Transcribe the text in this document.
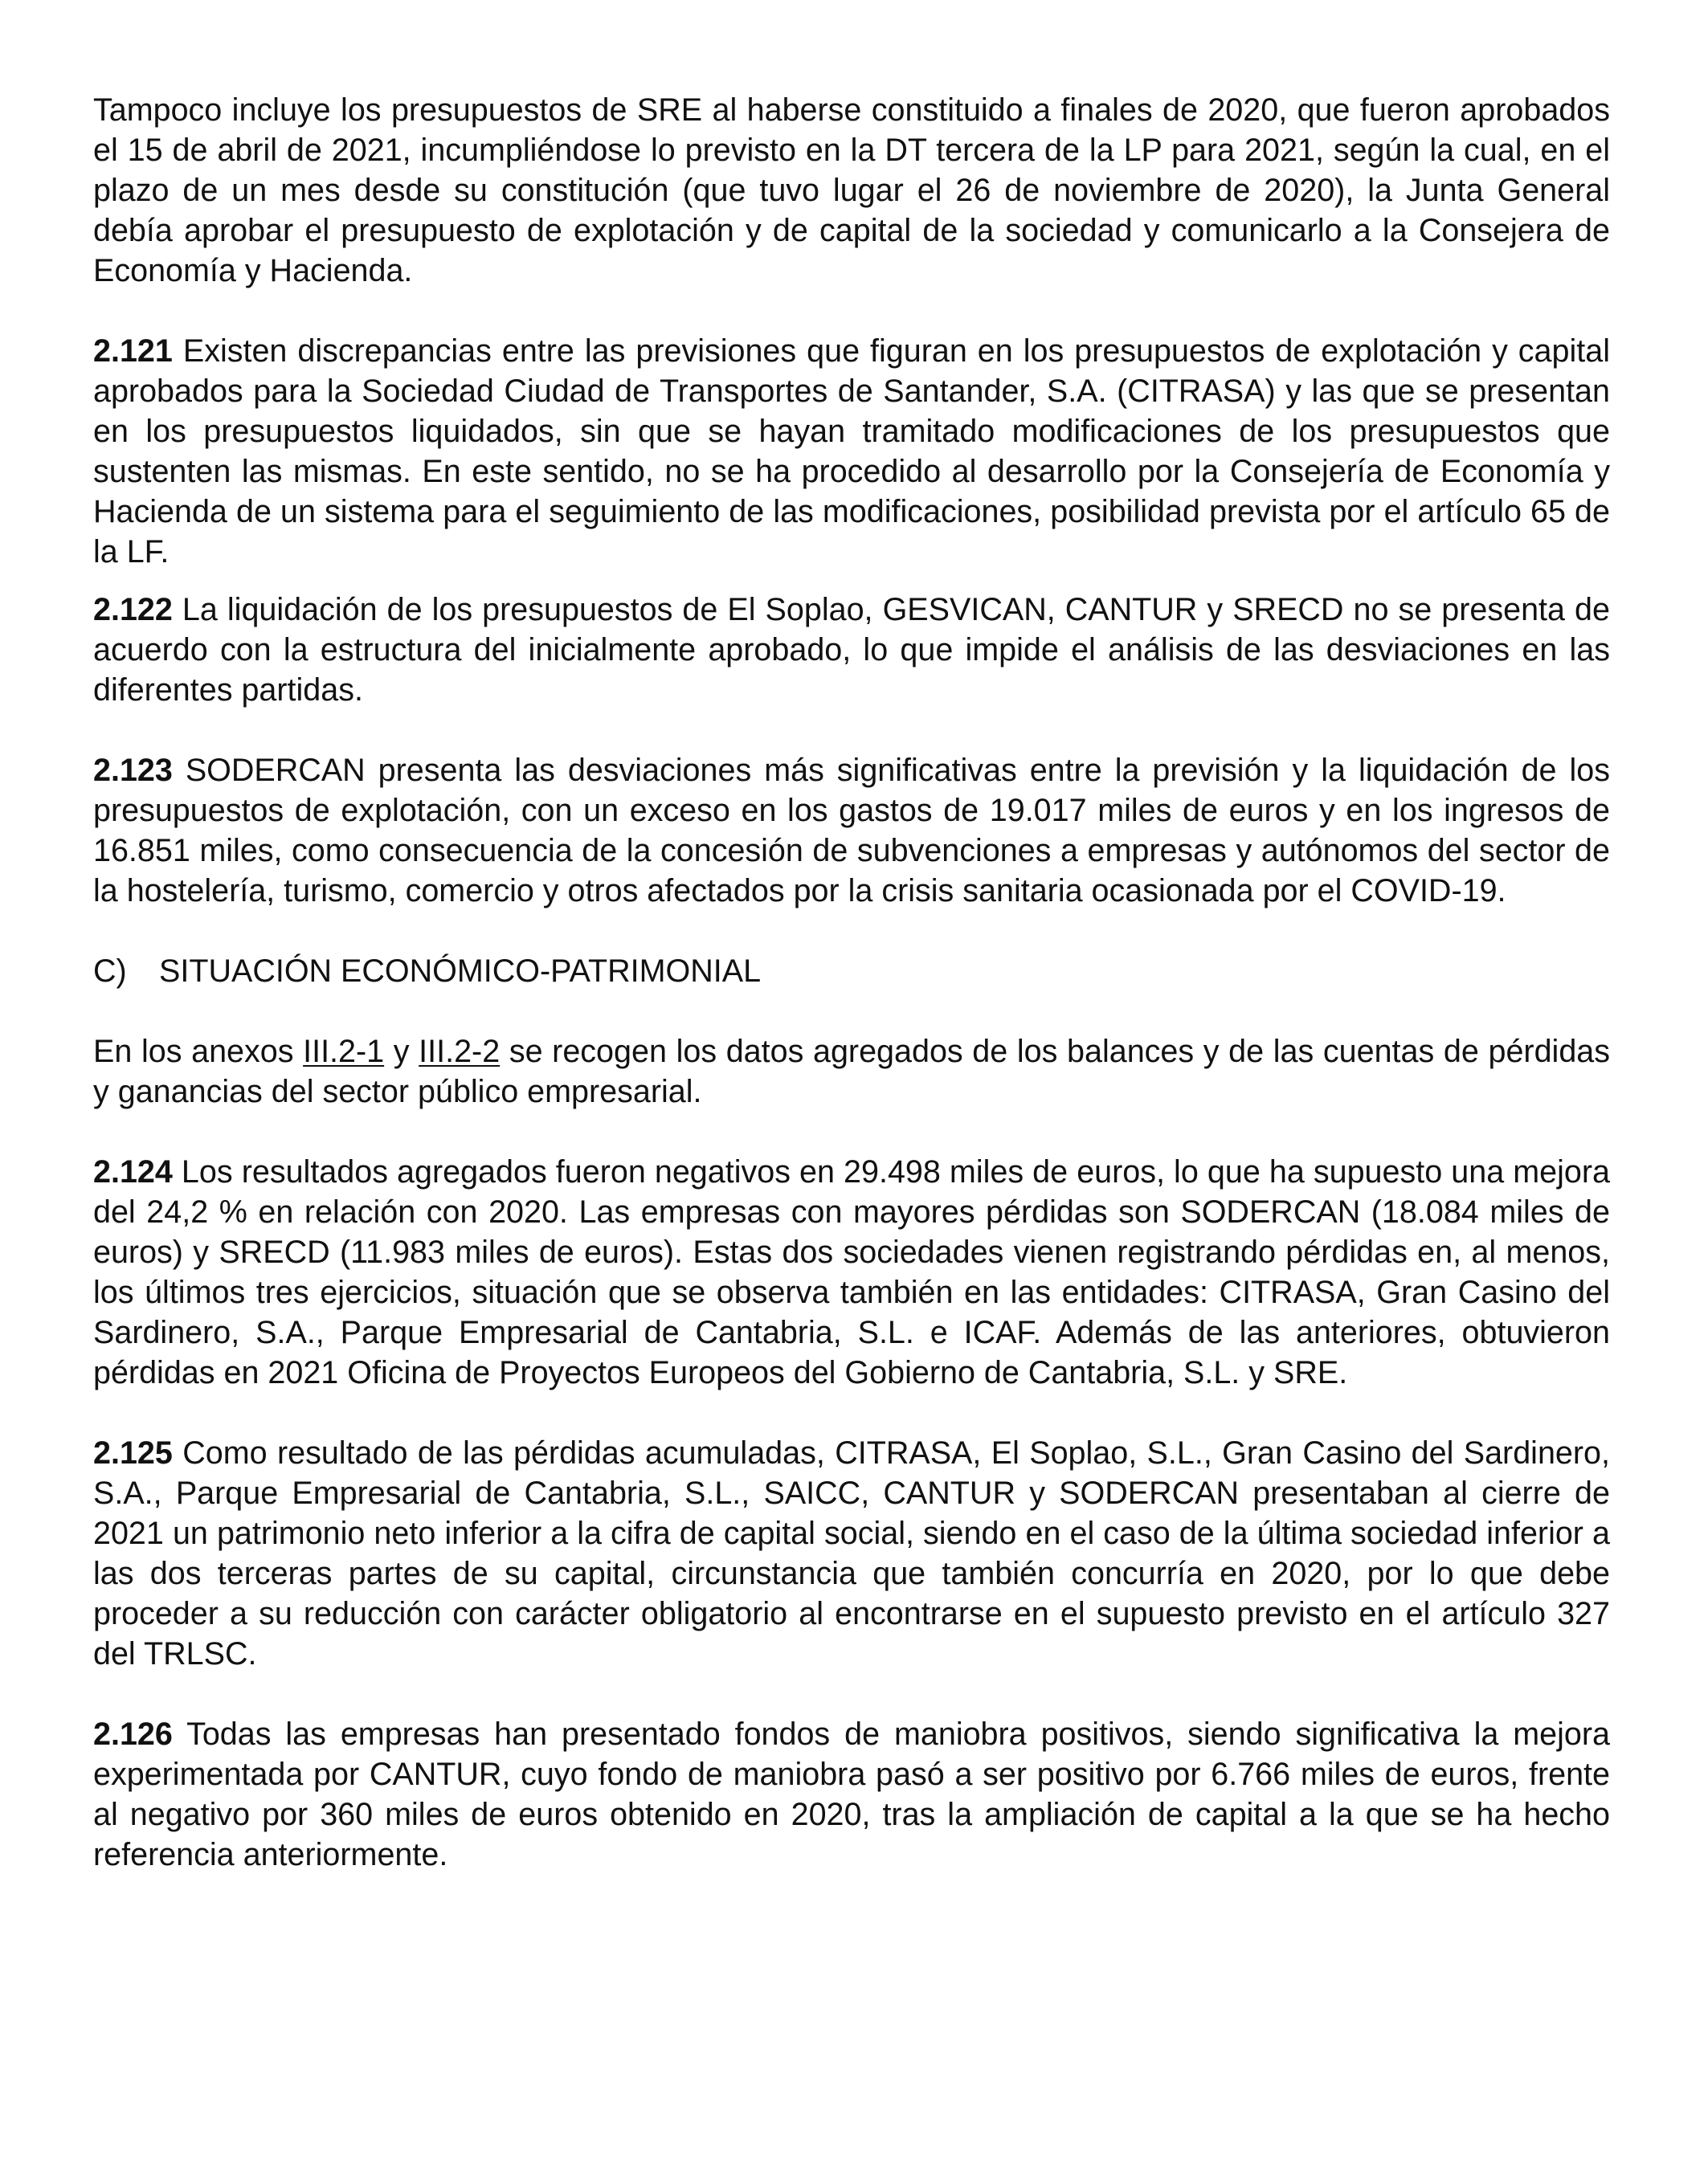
Tampoco incluye los presupuestos de SRE al haberse constituido a finales de 2020, que fueron aprobados el 15 de abril de 2021, incumpliéndose lo previsto en la DT tercera de la LP para 2021, según la cual, en el plazo de un mes desde su constitución (que tuvo lugar el 26 de noviembre de 2020), la Junta General debía aprobar el presupuesto de explotación y de capital de la sociedad y comunicarlo a la Consejera de Economía y Hacienda.

2.121 Existen discrepancias entre las previsiones que figuran en los presupuestos de explotación y capital aprobados para la Sociedad Ciudad de Transportes de Santander, S.A. (CITRASA) y las que se presentan en los presupuestos liquidados, sin que se hayan tramitado modificaciones de los presupuestos que sustenten las mismas. En este sentido, no se ha procedido al desarrollo por la Consejería de Economía y Hacienda de un sistema para el seguimiento de las modificaciones, posibilidad prevista por el artículo 65 de la LF.

2.122 La liquidación de los presupuestos de El Soplao, GESVICAN, CANTUR y SRECD no se presenta de acuerdo con la estructura del inicialmente aprobado, lo que impide el análisis de las desviaciones en las diferentes partidas.

2.123 SODERCAN presenta las desviaciones más significativas entre la previsión y la liquidación de los presupuestos de explotación, con un exceso en los gastos de 19.017 miles de euros y en los ingresos de 16.851 miles, como consecuencia de la concesión de subvenciones a empresas y autónomos del sector de la hostelería, turismo, comercio y otros afectados por la crisis sanitaria ocasionada por el COVID-19.

C) SITUACIÓN ECONÓMICO-PATRIMONIAL

En los anexos III.2-1 y III.2-2 se recogen los datos agregados de los balances y de las cuentas de pérdidas y ganancias del sector público empresarial.

2.124 Los resultados agregados fueron negativos en 29.498 miles de euros, lo que ha supuesto una mejora del 24,2 % en relación con 2020. Las empresas con mayores pérdidas son SODERCAN (18.084 miles de euros) y SRECD (11.983 miles de euros). Estas dos sociedades vienen registrando pérdidas en, al menos, los últimos tres ejercicios, situación que se observa también en las entidades: CITRASA, Gran Casino del Sardinero, S.A., Parque Empresarial de Cantabria, S.L. e ICAF. Además de las anteriores, obtuvieron pérdidas en 2021 Oficina de Proyectos Europeos del Gobierno de Cantabria, S.L. y SRE.

2.125 Como resultado de las pérdidas acumuladas, CITRASA, El Soplao, S.L., Gran Casino del Sardinero, S.A., Parque Empresarial de Cantabria, S.L., SAICC, CANTUR y SODERCAN presentaban al cierre de 2021 un patrimonio neto inferior a la cifra de capital social, siendo en el caso de la última sociedad inferior a las dos terceras partes de su capital, circunstancia que también concurría en 2020, por lo que debe proceder a su reducción con carácter obligatorio al encontrarse en el supuesto previsto en el artículo 327 del TRLSC.

2.126 Todas las empresas han presentado fondos de maniobra positivos, siendo significativa la mejora experimentada por CANTUR, cuyo fondo de maniobra pasó a ser positivo por 6.766 miles de euros, frente al negativo por 360 miles de euros obtenido en 2020, tras la ampliación de capital a la que se ha hecho referencia anteriormente.
